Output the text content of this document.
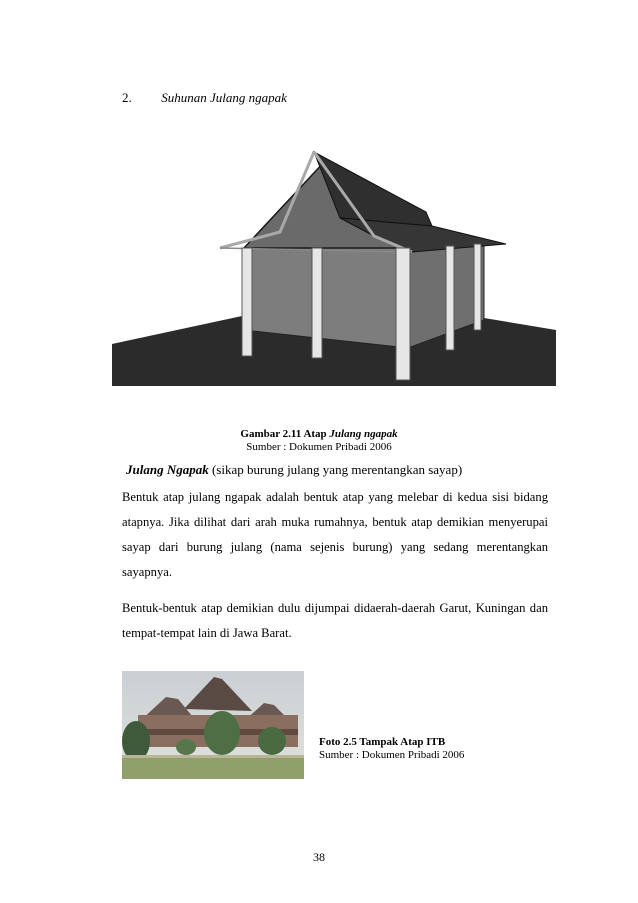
2. Suhunan Julang ngapak
Gambar 2.11 Atap Julang ngapak
Sumber : Dokumen Pribadi 2006
Julang Ngapak (sikap burung julang yang merentangkan sayap)
Bentuk atap julang ngapak adalah bentuk atap yang melebar di kedua sisi bidang atapnya. Jika dilihat dari arah muka rumahnya, bentuk atap demikian menyerupai sayap dari burung julang (nama sejenis burung) yang sedang merentangkan sayapnya.
Bentuk-bentuk atap demikian dulu dijumpai didaerah-daerah Garut, Kuningan dan tempat-tempat lain di Jawa Barat.
Foto 2.5 Tampak Atap ITB
Sumber : Dokumen Pribadi 2006
38
